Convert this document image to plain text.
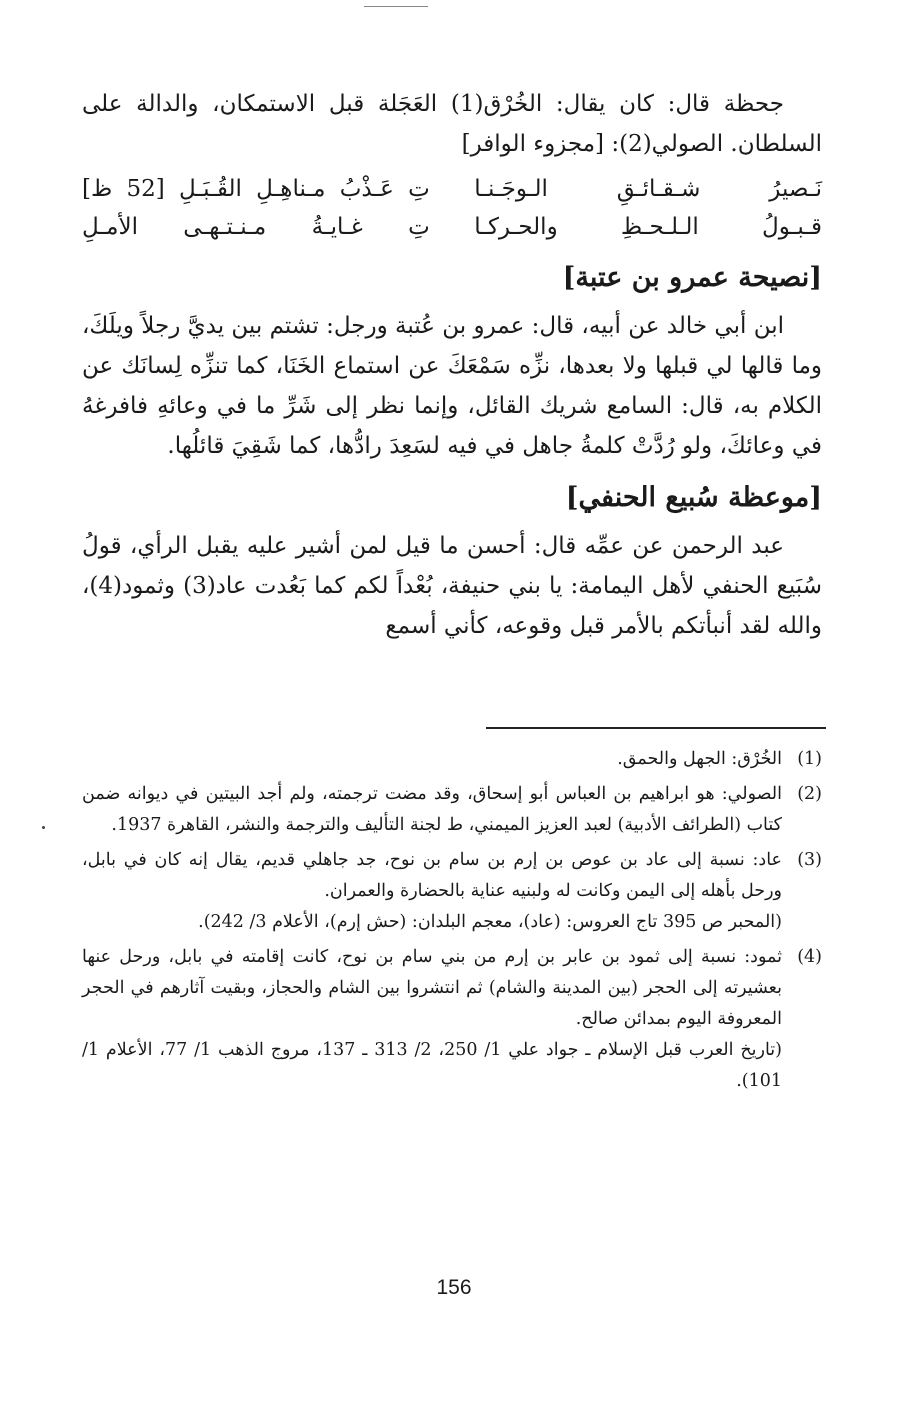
جحظة قال: كان يقال: الخُرْق(1) العَجَلة قبل الاستمكان، والدالة على السلطان. الصولي(2): [مجزوء الوافر]

نَـصيرُ شـقـائـقِ الـوجَـنـا
تِ عَـذْبُ مـناهِـلِ القُـبَـلِ [52 ظ]
قـبـولُ الـلـحـظِ والحـركـا
تِ غـايـةُ مـنـتـهـى الأمـلِ
[نصيحة عمرو بن عتبة]

ابن أبي خالد عن أبيه، قال: عمرو بن عُتبة ورجل: تشتم بين يديَّ رجلاً ويلَكَ، وما قالها لي قبلها ولا بعدها، نزِّه سَمْعَكَ عن استماع الخَنَا، كما تنزِّه لِسانَك عن الكلام به، قال: السامع شريك القائل، وإنما نظر إلى شَرِّ ما في وعائهِ فافرغهُ في وعائكَ، ولو رُدَّتْ كلمةُ جاهل في فيه لسَعِدَ رادُّها، كما شَقِيَ قائلُها.

[موعظة سُبيع الحنفي]

عبد الرحمن عن عمِّه قال: أحسن ما قيل لمن أشير عليه يقبل الرأي، قولُ سُبَيع الحنفي لأهل اليمامة: يا بني حنيفة، بُعْداً لكم كما بَعُدت عاد(3) وثمود(4)، والله لقد أنبأتكم بالأمر قبل وقوعه، كأني أسمع

(1)

الخُرْق: الجهل والحمق.

(2)

الصولي: هو ابراهيم بن العباس أبو إسحاق، وقد مضت ترجمته، ولم أجد البيتين في ديوانه ضمن كتاب (الطرائف الأدبية) لعبد العزيز الميمني، ط لجنة التأليف والترجمة والنشر، القاهرة 1937.

(3)

عاد: نسبة إلى عاد بن عوص بن إرم بن سام بن نوح، جد جاهلي قديم، يقال إنه كان في بابل، ورحل بأهله إلى اليمن وكانت له ولبنيه عناية بالحضارة والعمران.

(المحبر ص 395 تاج العروس: (عاد)، معجم البلدان: (حش إرم)، الأعلام 3/ 242).

(4)

ثمود: نسبة إلى ثمود بن عابر بن إرم من بني سام بن نوح، كانت إقامته في بابل، ورحل عنها بعشيرته إلى الحجر (بين المدينة والشام) ثم انتشروا بين الشام والحجاز، وبقيت آثارهم في الحجر المعروفة اليوم بمدائن صالح.

(تاريخ العرب قبل الإسلام ـ جواد علي 1/ 250، 2/ 313 ـ 137، مروج الذهب 1/ 77، الأعلام 1/ 101).

156
